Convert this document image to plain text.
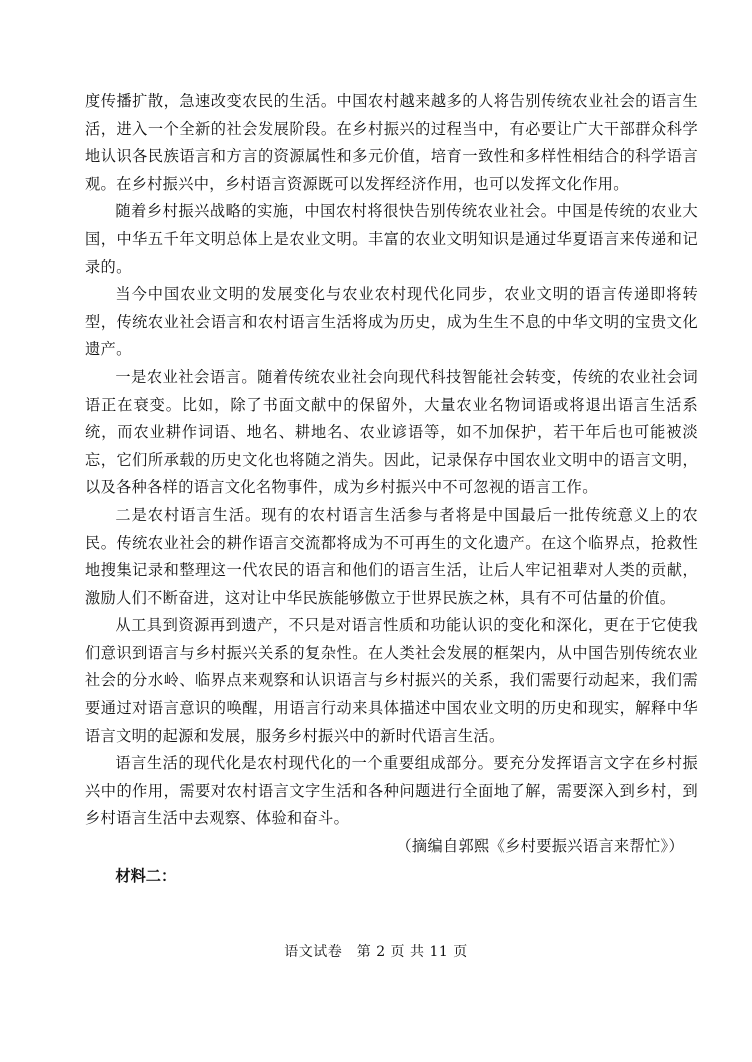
度传播扩散，急速改变农民的生活。中国农村越来越多的人将告别传统农业社会的语言生活，进入一个全新的社会发展阶段。在乡村振兴的过程当中，有必要让广大干部群众科学地认识各民族语言和方言的资源属性和多元价值，培育一致性和多样性相结合的科学语言观。在乡村振兴中，乡村语言资源既可以发挥经济作用，也可以发挥文化作用。

随着乡村振兴战略的实施，中国农村将很快告别传统农业社会。中国是传统的农业大国，中华五千年文明总体上是农业文明。丰富的农业文明知识是通过华夏语言来传递和记录的。

当今中国农业文明的发展变化与农业农村现代化同步，农业文明的语言传递即将转型，传统农业社会语言和农村语言生活将成为历史，成为生生不息的中华文明的宝贵文化遗产。

一是农业社会语言。随着传统农业社会向现代科技智能社会转变，传统的农业社会词语正在衰变。比如，除了书面文献中的保留外，大量农业名物词语或将退出语言生活系统，而农业耕作词语、地名、耕地名、农业谚语等，如不加保护，若干年后也可能被淡忘，它们所承载的历史文化也将随之消失。因此，记录保存中国农业文明中的语言文明，以及各种各样的语言文化名物事件，成为乡村振兴中不可忽视的语言工作。

二是农村语言生活。现有的农村语言生活参与者将是中国最后一批传统意义上的农民。传统农业社会的耕作语言交流都将成为不可再生的文化遗产。在这个临界点，抢救性地搜集记录和整理这一代农民的语言和他们的语言生活，让后人牢记祖辈对人类的贡献，激励人们不断奋进，这对让中华民族能够傲立于世界民族之林，具有不可估量的价值。

从工具到资源再到遗产，不只是对语言性质和功能认识的变化和深化，更在于它使我们意识到语言与乡村振兴关系的复杂性。在人类社会发展的框架内，从中国告别传统农业社会的分水岭、临界点来观察和认识语言与乡村振兴的关系，我们需要行动起来，我们需要通过对语言意识的唤醒，用语言行动来具体描述中国农业文明的历史和现实，解释中华语言文明的起源和发展，服务乡村振兴中的新时代语言生活。

语言生活的现代化是农村现代化的一个重要组成部分。要充分发挥语言文字在乡村振兴中的作用，需要对农村语言文字生活和各种问题进行全面地了解，需要深入到乡村，到乡村语言生活中去观察、体验和奋斗。

（摘编自郭熙《乡村要振兴语言来帮忙》）

材料二：

语文试卷　第 2 页 共 11 页
